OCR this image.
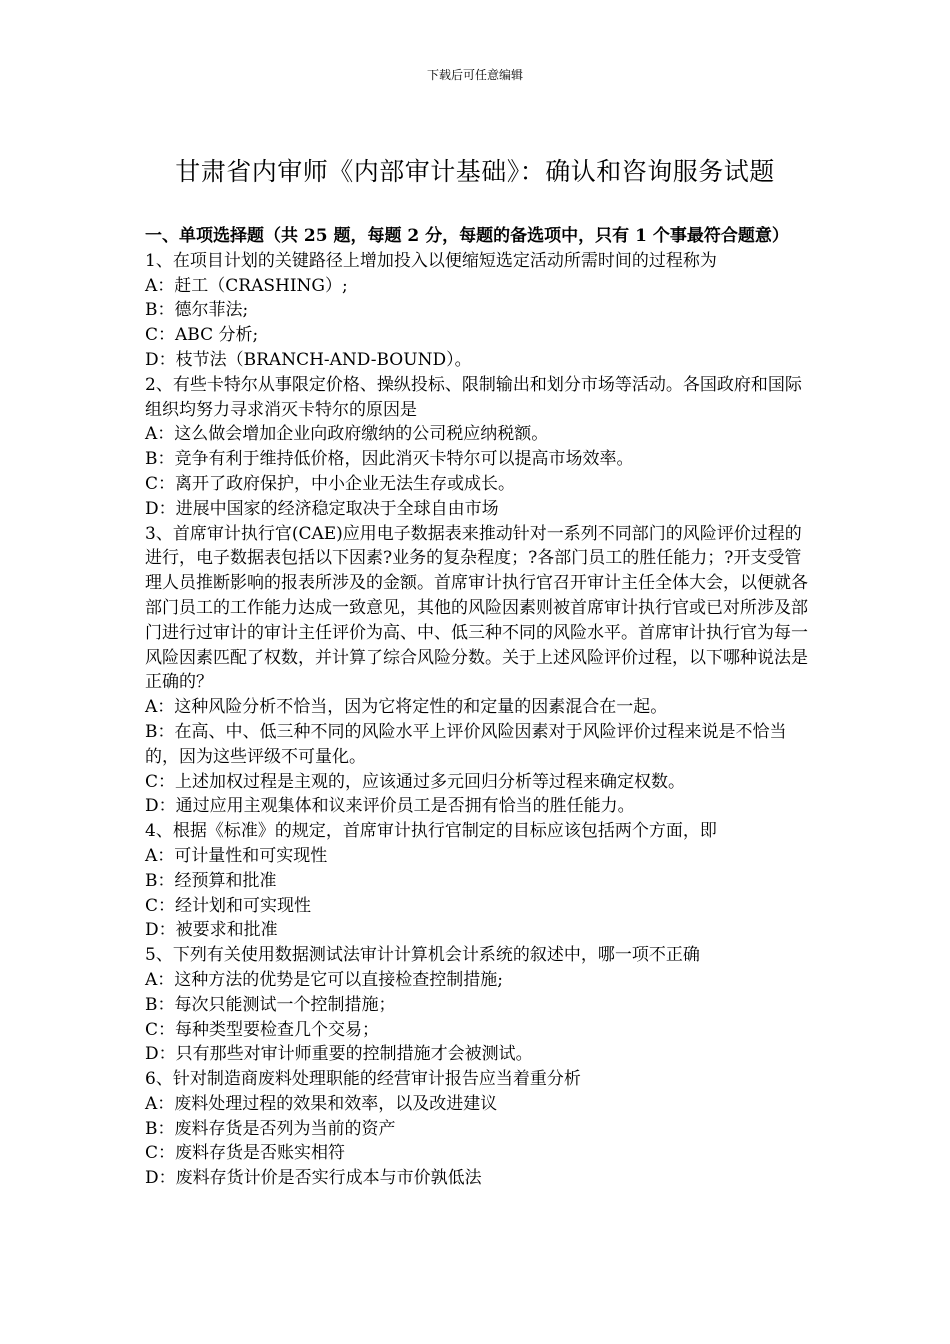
下载后可任意编辑
甘肃省内审师《内部审计基础》：确认和咨询服务试题

一、单项选择题（共 25 题，每题 2 分，每题的备选项中，只有 1 个事最符合题意）

1、在项目计划的关键路径上增加投入以便缩短选定活动所需时间的过程称为

A：赶工（CRASHING）;

B：德尔菲法;

C：ABC 分析;

D：枝节法（BRANCH-AND-BOUND）。

2、有些卡特尔从事限定价格、操纵投标、限制输出和划分市场等活动。各国政府和国际组织均努力寻求消灭卡特尔的原因是

A：这么做会增加企业向政府缴纳的公司税应纳税额。

B：竞争有利于维持低价格，因此消灭卡特尔可以提高市场效率。

C：离开了政府保护，中小企业无法生存或成长。

D：进展中国家的经济稳定取决于全球自由市场

3、首席审计执行官(CAE)应用电子数据表来推动针对一系列不同部门的风险评价过程的进行，电子数据表包括以下因素?业务的复杂程度；?各部门员工的胜任能力；?开支受管理人员推断影响的报表所涉及的金额。首席审计执行官召开审计主任全体大会，以便就各部门员工的工作能力达成一致意见，其他的风险因素则被首席审计执行官或已对所涉及部门进行过审计的审计主任评价为高、中、低三种不同的风险水平。首席审计执行官为每一风险因素匹配了权数，并计算了综合风险分数。关于上述风险评价过程，以下哪种说法是正确的？

A：这种风险分析不恰当，因为它将定性的和定量的因素混合在一起。

B：在高、中、低三种不同的风险水平上评价风险因素对于风险评价过程来说是不恰当的，因为这些评级不可量化。

C：上述加权过程是主观的，应该通过多元回归分析等过程来确定权数。

D：通过应用主观集体和议来评价员工是否拥有恰当的胜任能力。

4、根据《标准》的规定，首席审计执行官制定的目标应该包括两个方面，即

A：可计量性和可实现性

B：经预算和批准

C：经计划和可实现性

D：被要求和批准

5、下列有关使用数据测试法审计计算机会计系统的叙述中，哪一项不正确

A：这种方法的优势是它可以直接检查控制措施;

B：每次只能测试一个控制措施；

C：每种类型要检查几个交易；

D：只有那些对审计师重要的控制措施才会被测试。

6、针对制造商废料处理职能的经营审计报告应当着重分析

A：废料处理过程的效果和效率，以及改进建议

B：废料存货是否列为当前的资产

C：废料存货是否账实相符

D：废料存货计价是否实行成本与市价孰低法
